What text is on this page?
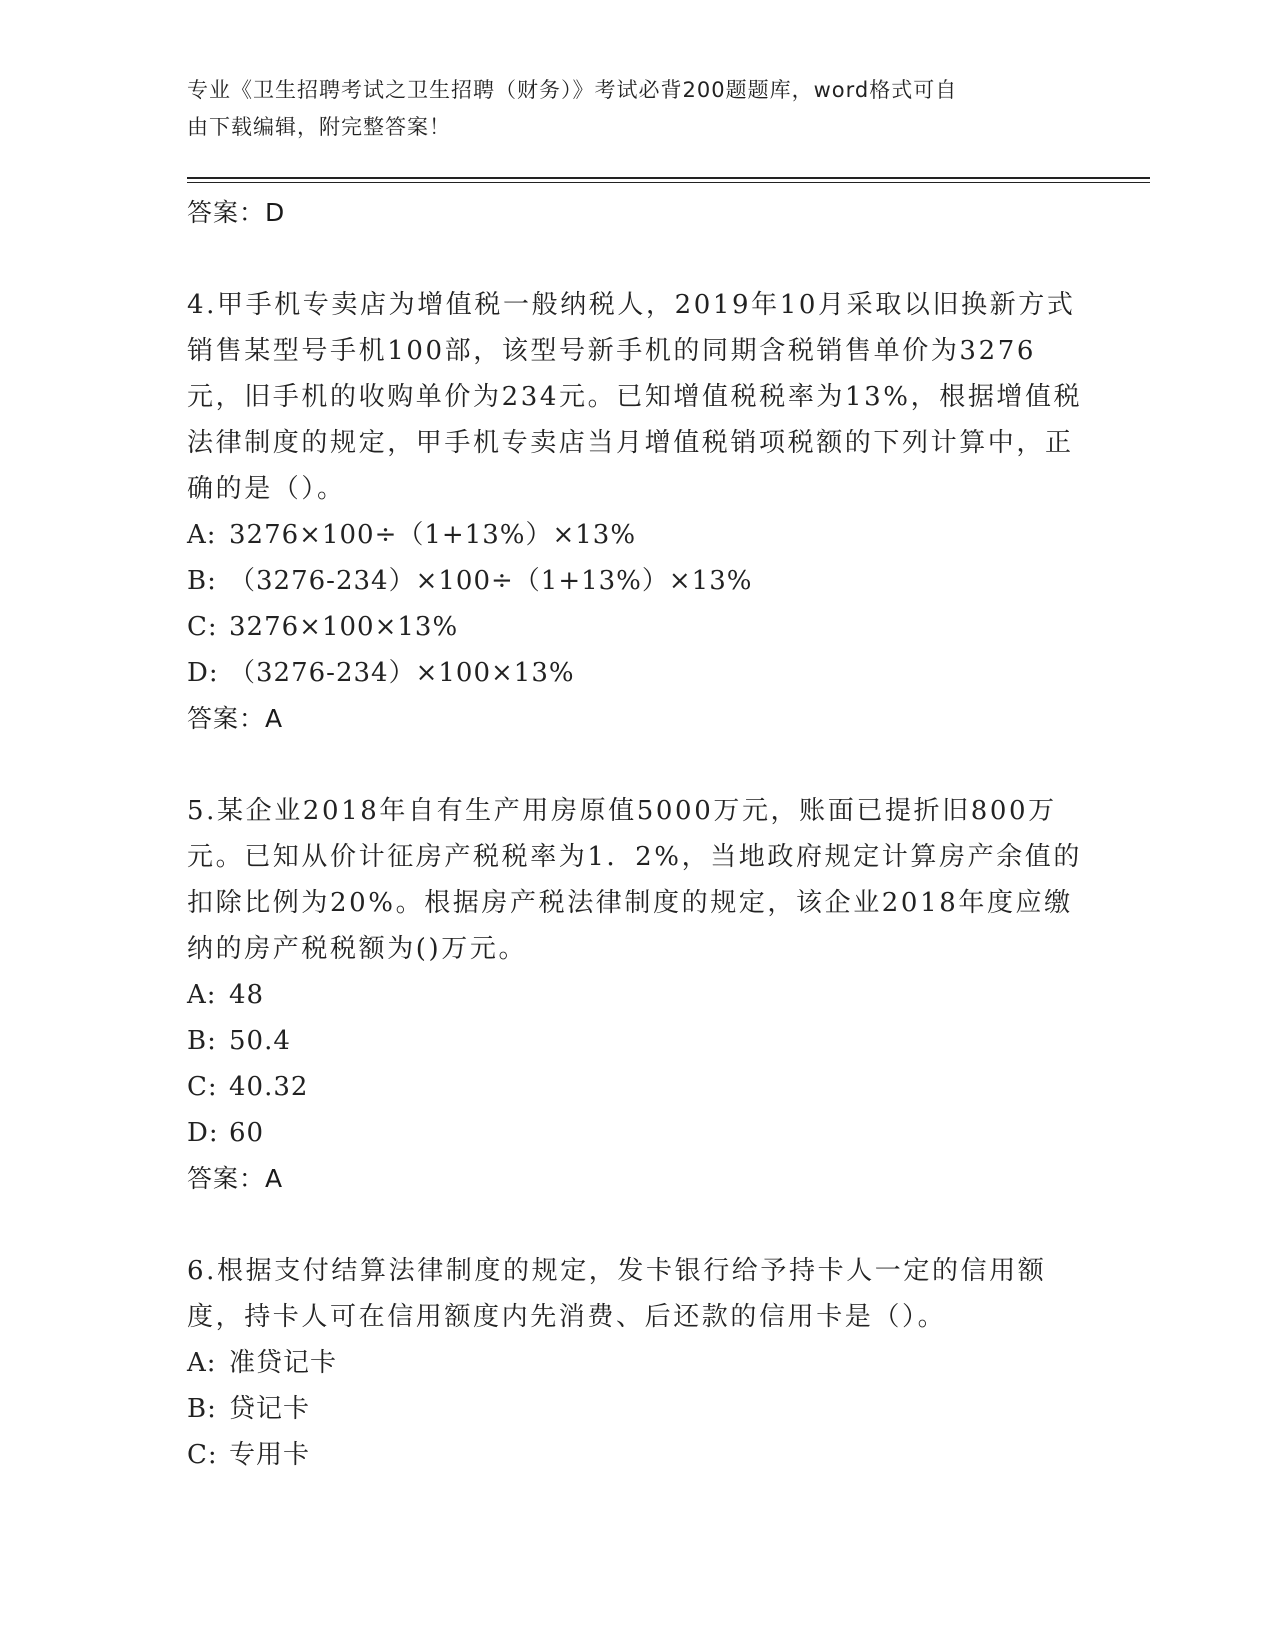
专业《卫生招聘考试之卫生招聘（财务）》考试必背200题题库，word格式可自
由下载编辑，附完整答案！

答案：D

4.甲手机专卖店为增值税一般纳税人，2019年10月采取以旧换新方式销售某型号手机100部，该型号新手机的同期含税销售单价为3276元，旧手机的收购单价为234元。已知增值税税率为13%，根据增值税法律制度的规定，甲手机专卖店当月增值税销项税额的下列计算中，正确的是（）。

A: 3276×100÷（1+13%）×13%
B: （3276-234）×100÷（1+13%）×13%
C: 3276×100×13%
D: （3276-234）×100×13%

答案：A

5.某企业2018年自有生产用房原值5000万元，账面已提折旧800万元。已知从价计征房产税税率为1．2%，当地政府规定计算房产余值的扣除比例为20%。根据房产税法律制度的规定，该企业2018年度应缴纳的房产税税额为()万元。

A: 48
B: 50.4
C: 40.32
D: 60

答案：A

6.根据支付结算法律制度的规定，发卡银行给予持卡人一定的信用额度，持卡人可在信用额度内先消费、后还款的信用卡是（）。

A: 准贷记卡
B: 贷记卡
C: 专用卡
